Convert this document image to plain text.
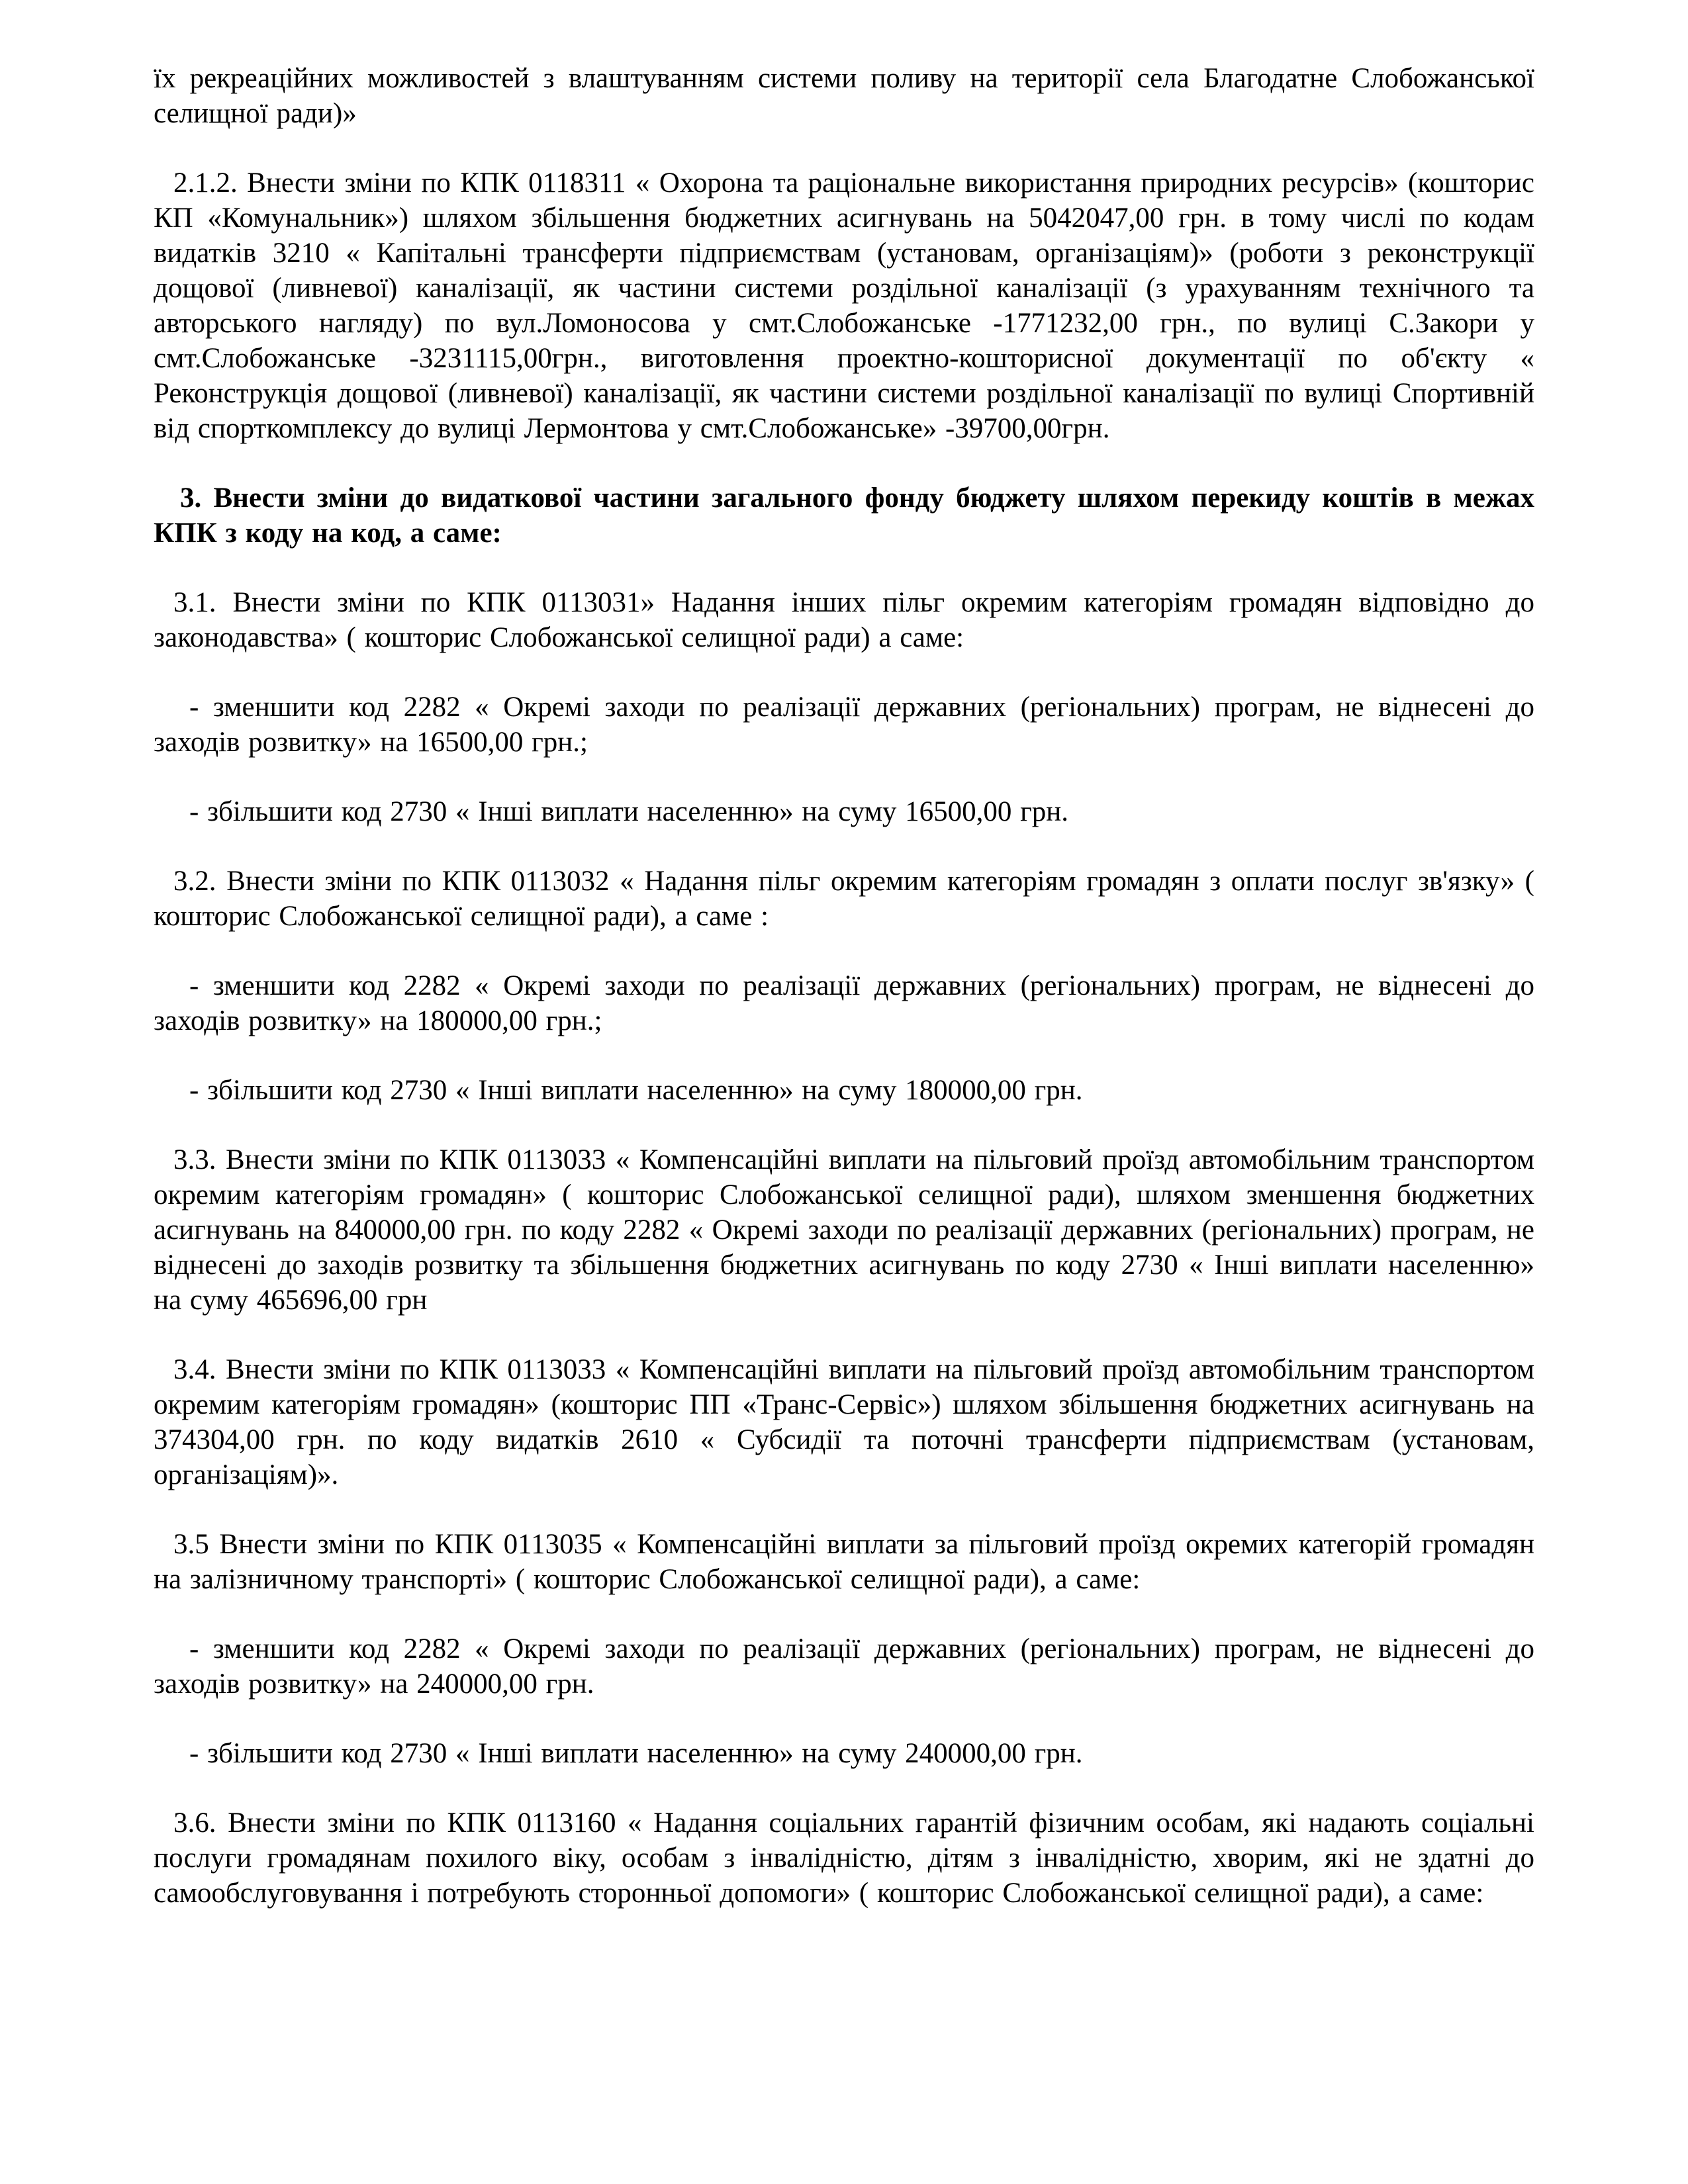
їх рекреаційних можливостей з влаштуванням системи поливу на території села Благодатне Слобожанської селищної ради)»

2.1.2. Внести зміни по КПК 0118311 « Охорона та раціональне використання природних ресурсів» (кошторис КП «Комунальник») шляхом збільшення бюджетних асигнувань на 5042047,00 грн. в тому числі по кодам видатків 3210 « Капітальні трансферти підприємствам (установам, організаціям)» (роботи з реконструкції дощової (ливневої) каналізації, як частини системи роздільної каналізації (з урахуванням технічного та авторського нагляду) по вул.Ломоносова у смт.Слобожанське -1771232,00 грн., по вулиці С.Закори у смт.Слобожанське -3231115,00грн., виготовлення проектно-кошторисної документації по об'єкту « Реконструкція дощової (ливневої) каналізації, як частини системи роздільної каналізації по вулиці Спортивній від спорткомплексу до вулиці Лермонтова у смт.Слобожанське» -39700,00грн.

3. Внести зміни до видаткової частини загального фонду бюджету шляхом перекиду коштів в межах КПК з коду на код, а саме:

3.1. Внести зміни по КПК 0113031» Надання інших пільг окремим категоріям громадян відповідно до законодавства» ( кошторис Слобожанської селищної ради) а саме:

- зменшити код 2282 « Окремі заходи по реалізації державних (регіональних) програм, не віднесені до заходів розвитку» на 16500,00 грн.;

- збільшити код 2730 « Інші виплати населенню» на суму 16500,00 грн.

3.2. Внести зміни по КПК 0113032 « Надання пільг окремим категоріям громадян з оплати послуг зв'язку» ( кошторис Слобожанської селищної ради), а саме :

- зменшити код 2282 « Окремі заходи по реалізації державних (регіональних) програм, не віднесені до заходів розвитку» на 180000,00 грн.;

- збільшити код 2730 « Інші виплати населенню» на суму 180000,00 грн.

3.3. Внести зміни по КПК 0113033 « Компенсаційні виплати на пільговий проїзд автомобільним транспортом окремим категоріям громадян» ( кошторис Слобожанської селищної ради), шляхом зменшення бюджетних асигнувань на 840000,00 грн. по коду 2282 « Окремі заходи по реалізації державних (регіональних) програм, не віднесені до заходів розвитку та збільшення бюджетних асигнувань по коду 2730 « Інші виплати населенню» на суму 465696,00 грн

3.4. Внести зміни по КПК 0113033 « Компенсаційні виплати на пільговий проїзд автомобільним транспортом окремим категоріям громадян» (кошторис ПП «Транс-Сервіс») шляхом збільшення бюджетних асигнувань на 374304,00 грн. по коду видатків 2610 « Субсидії та поточні трансферти підприємствам (установам, організаціям)».

3.5 Внести зміни по КПК 0113035 « Компенсаційні виплати за пільговий проїзд окремих категорій громадян на залізничному транспорті» ( кошторис Слобожанської селищної ради), а саме:

- зменшити код 2282 « Окремі заходи по реалізації державних (регіональних) програм, не віднесені до заходів розвитку» на 240000,00 грн.

- збільшити код 2730 « Інші виплати населенню» на суму 240000,00 грн.

3.6. Внести зміни по КПК 0113160 « Надання соціальних гарантій фізичним особам, які надають соціальні послуги громадянам похилого віку, особам з інвалідністю, дітям з інвалідністю, хворим, які не здатні до самообслуговування і потребують сторонньої допомоги» ( кошторис Слобожанської селищної ради), а саме:
